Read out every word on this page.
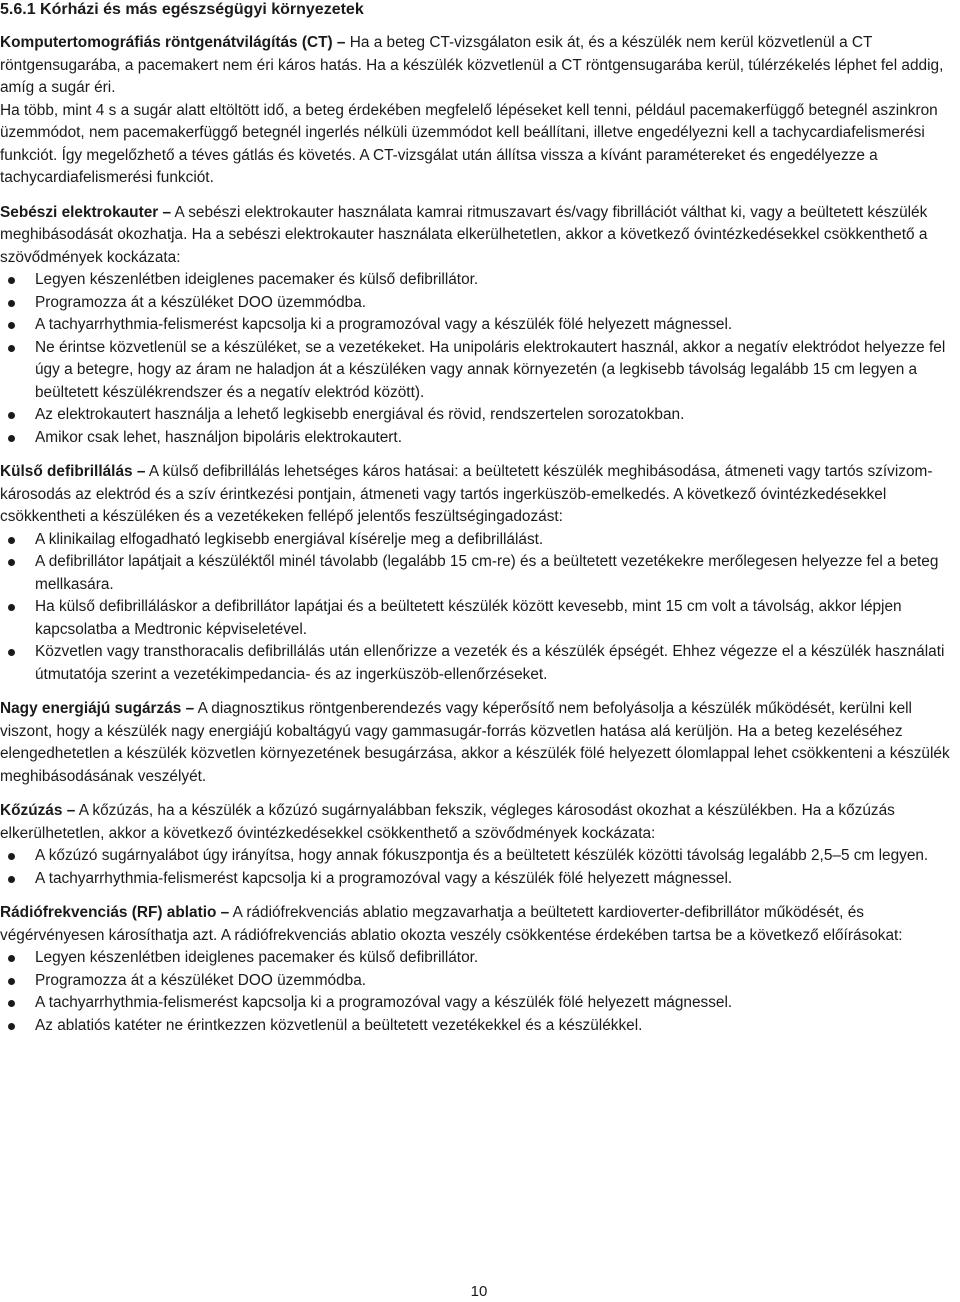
5.6.1 Kórházi és más egészségügyi környezetek

Komputertomográfiás röntgenátvilágítás (CT) – Ha a beteg CT-vizsgálaton esik át, és a készülék nem kerül közvetlenül a CT röntgensugarába, a pacemakert nem éri káros hatás. Ha a készülék közvetlenül a CT röntgensugarába kerül, túlérzékelés léphet fel addig, amíg a sugár éri.

Ha több, mint 4 s a sugár alatt eltöltött idő, a beteg érdekében megfelelő lépéseket kell tenni, például pacemakerfüggő betegnél aszinkron üzemmódot, nem pacemakerfüggő betegnél ingerlés nélküli üzemmódot kell beállítani, illetve engedélyezni kell a tachycardiafelismerési funkciót. Így megelőzhető a téves gátlás és követés. A CT-vizsgálat után állítsa vissza a kívánt paramétereket és engedélyezze a tachycardiafelismerési funkciót.

Sebészi elektrokauter – A sebészi elektrokauter használata kamrai ritmuszavart és/vagy fibrillációt válthat ki, vagy a beültetett készülék meghibásodását okozhatja. Ha a sebészi elektrokauter használata elkerülhetetlen, akkor a következő óvintézkedésekkel csökkenthető a szövődmények kockázata:

Legyen készenlétben ideiglenes pacemaker és külső defibrillátor.
Programozza át a készüléket DOO üzemmódba.
A tachyarrhythmia-felismerést kapcsolja ki a programozóval vagy a készülék fölé helyezett mágnessel.
Ne érintse közvetlenül se a készüléket, se a vezetékeket. Ha unipoláris elektrokautert használ, akkor a negatív elektródot helyezze fel úgy a betegre, hogy az áram ne haladjon át a készüléken vagy annak környezetén (a legkisebb távolság legalább 15 cm legyen a beültetett készülékrendszer és a negatív elektród között).
Az elektrokautert használja a lehető legkisebb energiával és rövid, rendszertelen sorozatokban.
Amikor csak lehet, használjon bipoláris elektrokautert.

Külső defibrillálás – A külső defibrillálás lehetséges káros hatásai: a beültetett készülék meghibásodása, átmeneti vagy tartós szívizom-károsodás az elektród és a szív érintkezési pontjain, átmeneti vagy tartós ingerküszöb-emelkedés. A következő óvintézkedésekkel csökkentheti a készüléken és a vezetékeken fellépő jelentős feszültségingadozást:

A klinikailag elfogadható legkisebb energiával kísérelje meg a defibrillálást.
A defibrillátor lapátjait a készüléktől minél távolabb (legalább 15 cm-re) és a beültetett vezetékekre merőlegesen helyezze fel a beteg mellkasára.
Ha külső defibrilláláskor a defibrillátor lapátjai és a beültetett készülék között kevesebb, mint 15 cm volt a távolság, akkor lépjen kapcsolatba a Medtronic képviseletével.
Közvetlen vagy transthoracalis defibrillálás után ellenőrizze a vezeték és a készülék épségét. Ehhez végezze el a készülék használati útmutatója szerint a vezetékimpedancia- és az ingerküszöb-ellenőrzéseket.

Nagy energiájú sugárzás – A diagnosztikus röntgenberendezés vagy képerősítő nem befolyásolja a készülék működését, kerülni kell viszont, hogy a készülék nagy energiájú kobaltágyú vagy gammasugár-forrás közvetlen hatása alá kerüljön. Ha a beteg kezeléséhez elengedhetetlen a készülék közvetlen környezetének besugárzása, akkor a készülék fölé helyezett ólomlappal lehet csökkenteni a készülék meghibásodásának veszélyét.

Kőzúzás – A kőzúzás, ha a készülék a kőzúzó sugárnyalábban fekszik, végleges károsodást okozhat a készülékben. Ha a kőzúzás elkerülhetetlen, akkor a következő óvintézkedésekkel csökkenthető a szövődmények kockázata:

A kőzúzó sugárnyalábot úgy irányítsa, hogy annak fókuszpontja és a beültetett készülék közötti távolság legalább 2,5–5 cm legyen.
A tachyarrhythmia-felismerést kapcsolja ki a programozóval vagy a készülék fölé helyezett mágnessel.

Rádiófrekvenciás (RF) ablatio – A rádiófrekvenciás ablatio megzavarhatja a beültetett kardioverter-defibrillátor működését, és végérvényesen károsíthatja azt. A rádiófrekvenciás ablatio okozta veszély csökkentése érdekében tartsa be a következő előírásokat:

Legyen készenlétben ideiglenes pacemaker és külső defibrillátor.
Programozza át a készüléket DOO üzemmódba.
A tachyarrhythmia-felismerést kapcsolja ki a programozóval vagy a készülék fölé helyezett mágnessel.
Az ablatiós katéter ne érintkezzen közvetlenül a beültetett vezetékekkel és a készülékkel.
10
